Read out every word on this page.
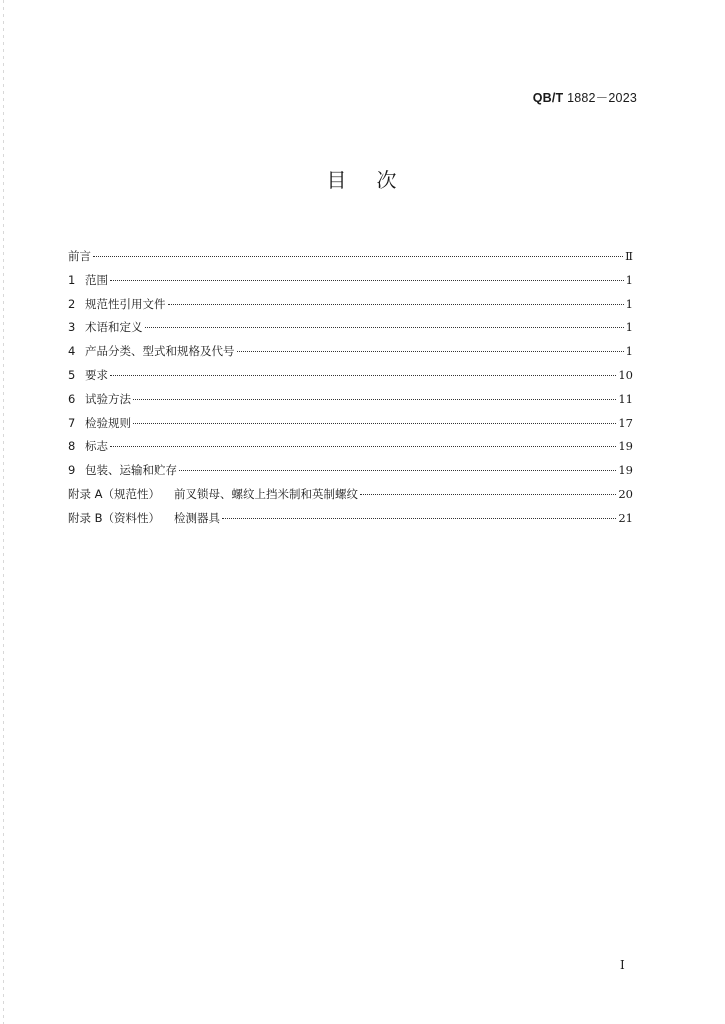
QB/T 1882－2023
目 次
前言	Ⅱ
1 范围	1
2 规范性引用文件	1
3 术语和定义	1
4 产品分类、型式和规格及代号	1
5 要求	10
6 试验方法	11
7 检验规则	17
8 标志	19
9 包装、运输和贮存	19
附录 A（规范性） 前叉锁母、螺纹上挡米制和英制螺纹	20
附录 B（资料性） 检测器具	21
I
